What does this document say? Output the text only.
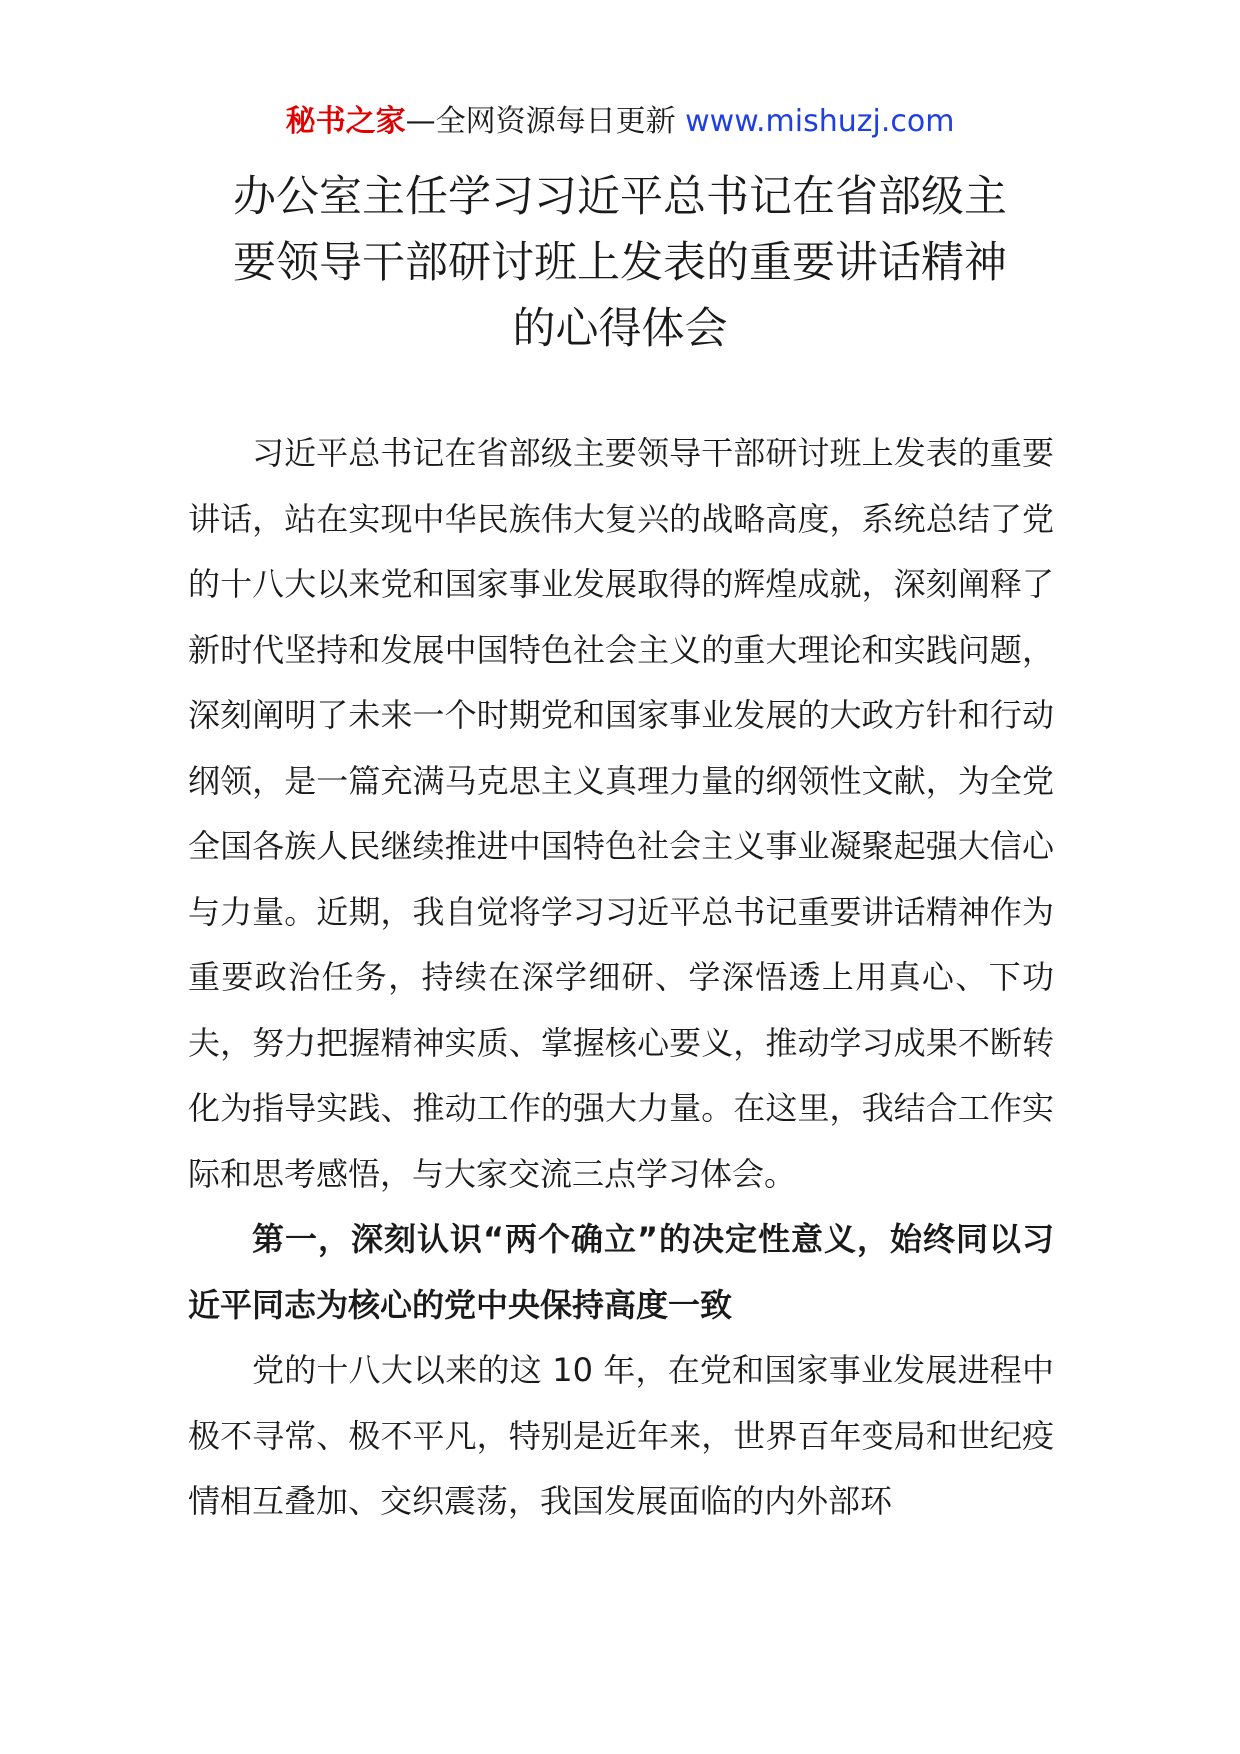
秘书之家—全网资源每日更新 www.mishuzj.com
办公室主任学习习近平总书记在省部级主
要领导干部研讨班上发表的重要讲话精神
的心得体会

习近平总书记在省部级主要领导干部研讨班上发表的重要讲话，站在实现中华民族伟大复兴的战略高度，系统总结了党的十八大以来党和国家事业发展取得的辉煌成就，深刻阐释了新时代坚持和发展中国特色社会主义的重大理论和实践问题，深刻阐明了未来一个时期党和国家事业发展的大政方针和行动纲领，是一篇充满马克思主义真理力量的纲领性文献，为全党全国各族人民继续推进中国特色社会主义事业凝聚起强大信心与力量。近期，我自觉将学习习近平总书记重要讲话精神作为重要政治任务，持续在深学细研、学深悟透上用真心、下功夫，努力把握精神实质、掌握核心要义，推动学习成果不断转化为指导实践、推动工作的强大力量。在这里，我结合工作实际和思考感悟，与大家交流三点学习体会。

第一，深刻认识“两个确立”的决定性意义，始终同以习近平同志为核心的党中央保持高度一致

党的十八大以来的这 10 年，在党和国家事业发展进程中极不寻常、极不平凡，特别是近年来，世界百年变局和世纪疫情相互叠加、交织震荡，我国发展面临的内外部环
